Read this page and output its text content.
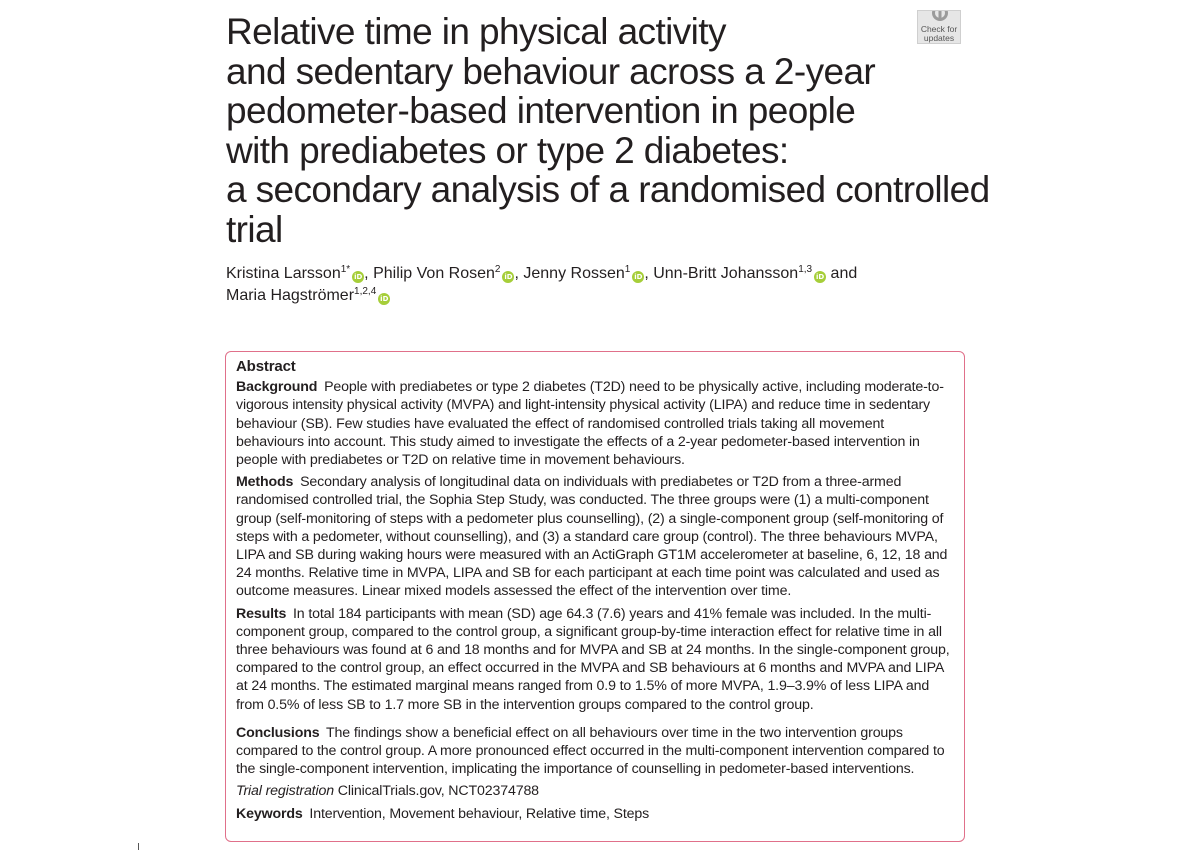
Relative time in physical activity
and sedentary behaviour across a 2-year
pedometer-based intervention in people
with prediabetes or type 2 diabetes:
a secondary analysis of a randomised controlled
trial
Check for
updates
Kristina Larsson$^{1*}$iD , Philip Von Rosen$^2$iD , Jenny Rossen$^1$iD , Unn-Britt Johansson$^{1,3}$iD and
Maria Hagströmer$^{1,2,4}$iD
Abstract

Background People with prediabetes or type 2 diabetes (T2D) need to be physically active, including moderate-to-vigorous intensity physical activity (MVPA) and light-intensity physical activity (LIPA) and reduce time in sedentary behaviour (SB). Few studies have evaluated the effect of randomised controlled trials taking all movement behaviours into account. This study aimed to investigate the effects of a 2-year pedometer-based intervention in people with prediabetes or T2D on relative time in movement behaviours.

Methods Secondary analysis of longitudinal data on individuals with prediabetes or T2D from a three-armed randomised controlled trial, the Sophia Step Study, was conducted. The three groups were (1) a multi-component group (self-monitoring of steps with a pedometer plus counselling), (2) a single-component group (self-monitoring of steps with a pedometer, without counselling), and (3) a standard care group (control). The three behaviours MVPA, LIPA and SB during waking hours were measured with an ActiGraph GT1M accelerometer at baseline, 6, 12, 18 and 24 months. Relative time in MVPA, LIPA and SB for each participant at each time point was calculated and used as outcome measures. Linear mixed models assessed the effect of the intervention over time.

Results In total 184 participants with mean (SD) age 64.3 (7.6) years and 41% female was included. In the multi-component group, compared to the control group, a significant group-by-time interaction effect for relative time in all three behaviours was found at 6 and 18 months and for MVPA and SB at 24 months. In the single-component group, compared to the control group, an effect occurred in the MVPA and SB behaviours at 6 months and MVPA and LIPA at 24 months. The estimated marginal means ranged from 0.9 to 1.5% of more MVPA, 1.9–3.9% of less LIPA and from 0.5% of less SB to 1.7 more SB in the intervention groups compared to the control group.

Conclusions The findings show a beneficial effect on all behaviours over time in the two intervention groups compared to the control group. A more pronounced effect occurred in the multi-component intervention compared to the single-component intervention, implicating the importance of counselling in pedometer-based interventions.

Trial registration ClinicalTrials.gov, NCT02374788

Keywords Intervention, Movement behaviour, Relative time, Steps
